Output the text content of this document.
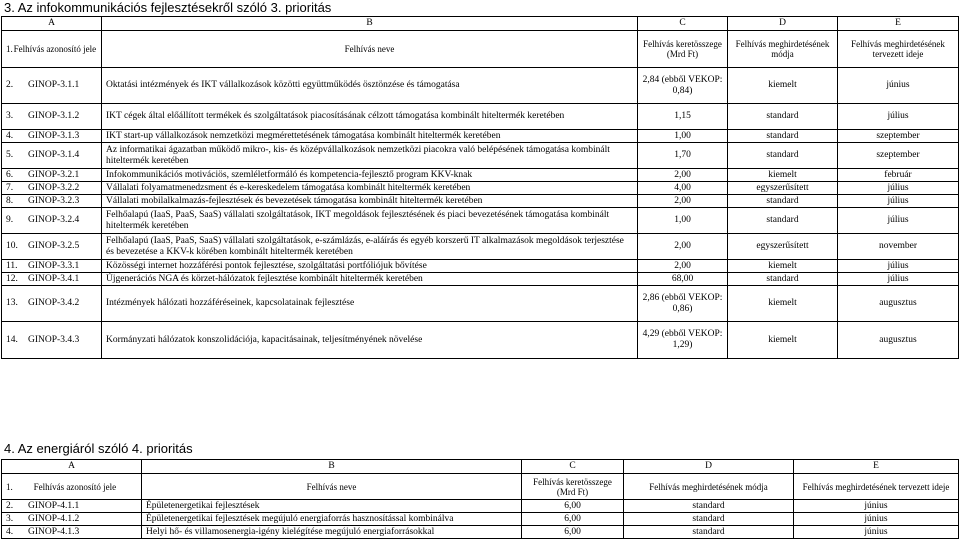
3. Az infokommunikációs fejlesztésekről szóló 3. prioritás
A	B	C	D	E

1. Felhívás azonosító jele	Felhívás neve	Felhívás keretösszege (Mrd Ft)	Felhívás meghirdetésének módja	Felhívás meghirdetésének tervezett ideje
2. GINOP-3.1.1	Oktatási intézmények és IKT vállalkozások közötti együttműködés ösztönzése és támogatása	2,84 (ebből VEKOP: 0,84)	kiemelt	június
3. GINOP-3.1.2	IKT cégek által előállított termékek és szolgáltatások piacosításának célzott támogatása kombinált hiteltermék keretében	1,15	standard	július
4. GINOP-3.1.3	IKT start-up vállalkozások nemzetközi megmérettetésének támogatása kombinált hiteltermék keretében	1,00	standard	szeptember
5. GINOP-3.1.4	Az informatikai ágazatban működő mikro-, kis- és középvállalkozások nemzetközi piacokra való belépésének támogatása kombinált hiteltermék keretében	1,70	standard	szeptember
6. GINOP-3.2.1	Infokommunikációs motiváciös, szemléletformáló és kompetencia-fejlesztő program KKV-knak	2,00	kiemelt	február
7. GINOP-3.2.2	Vállalati folyamatmenedzsment és e-kereskedelem támogatása kombinált hiteltermék keretében	4,00	egyszerűsített	július
8. GINOP-3.2.3	Vállalati mobilalkalmazás-fejlesztések és bevezetések támogatása kombinált hiteltermék keretében	2,00	standard	július
9. GINOP-3.2.4	Felhőalapú (IaaS, PaaS, SaaS) vállalati szolgáltatások, IKT megoldások fejlesztésének és piaci bevezetésének támogatása kombinált hiteltermék keretében	1,00	standard	július
10. GINOP-3.2.5	Felhőalapú (IaaS, PaaS, SaaS) vállalati szolgáltatások, e-számlázás, e-aláírás és egyéb korszerű IT alkalmazások megoldások terjesztése és bevezetése a KKV-k körében kombinált hiteltermék keretében	2,00	egyszerűsített	november
11. GINOP-3.3.1	Közösségi internet hozzáférési pontok fejlesztése, szolgáltatási portfóliójuk bővítése	2,00	kiemelt	július
12. GINOP-3.4.1	Újgenerációs NGA és körzet-hálózatok fejlesztése kombinált hiteltermék keretében	68,00	standard	július
13. GINOP-3.4.2	Intézmények hálózati hozzáféréseinek, kapcsolatainak fejlesztése	2,86 (ebből VEKOP: 0,86)	kiemelt	augusztus
14. GINOP-3.4.3	Kormányzati hálózatok konszolidációja, kapacitásainak, teljesítményének növelése	4,29 (ebből VEKOP: 1,29)	kiemelt	augusztus
4. Az energiáról szóló 4. prioritás
A	B	C	D	E

1. Felhívás azonosító jele	Felhívás neve	Felhívás keretösszege (Mrd Ft)	Felhívás meghirdetésének módja	Felhívás meghirdetésének tervezett ideje
2. GINOP-4.1.1	Épületenergetikai fejlesztések	6,00	standard	június
3. GINOP-4.1.2	Épületenergetikai fejlesztések megújuló energiaforrás hasznosítással kombinálva	6,00	standard	június
4. GINOP-4.1.3	Helyi hő- és villamosenergia-igény kielégítése megújuló energiaforrásokkal	6,00	standard	június
